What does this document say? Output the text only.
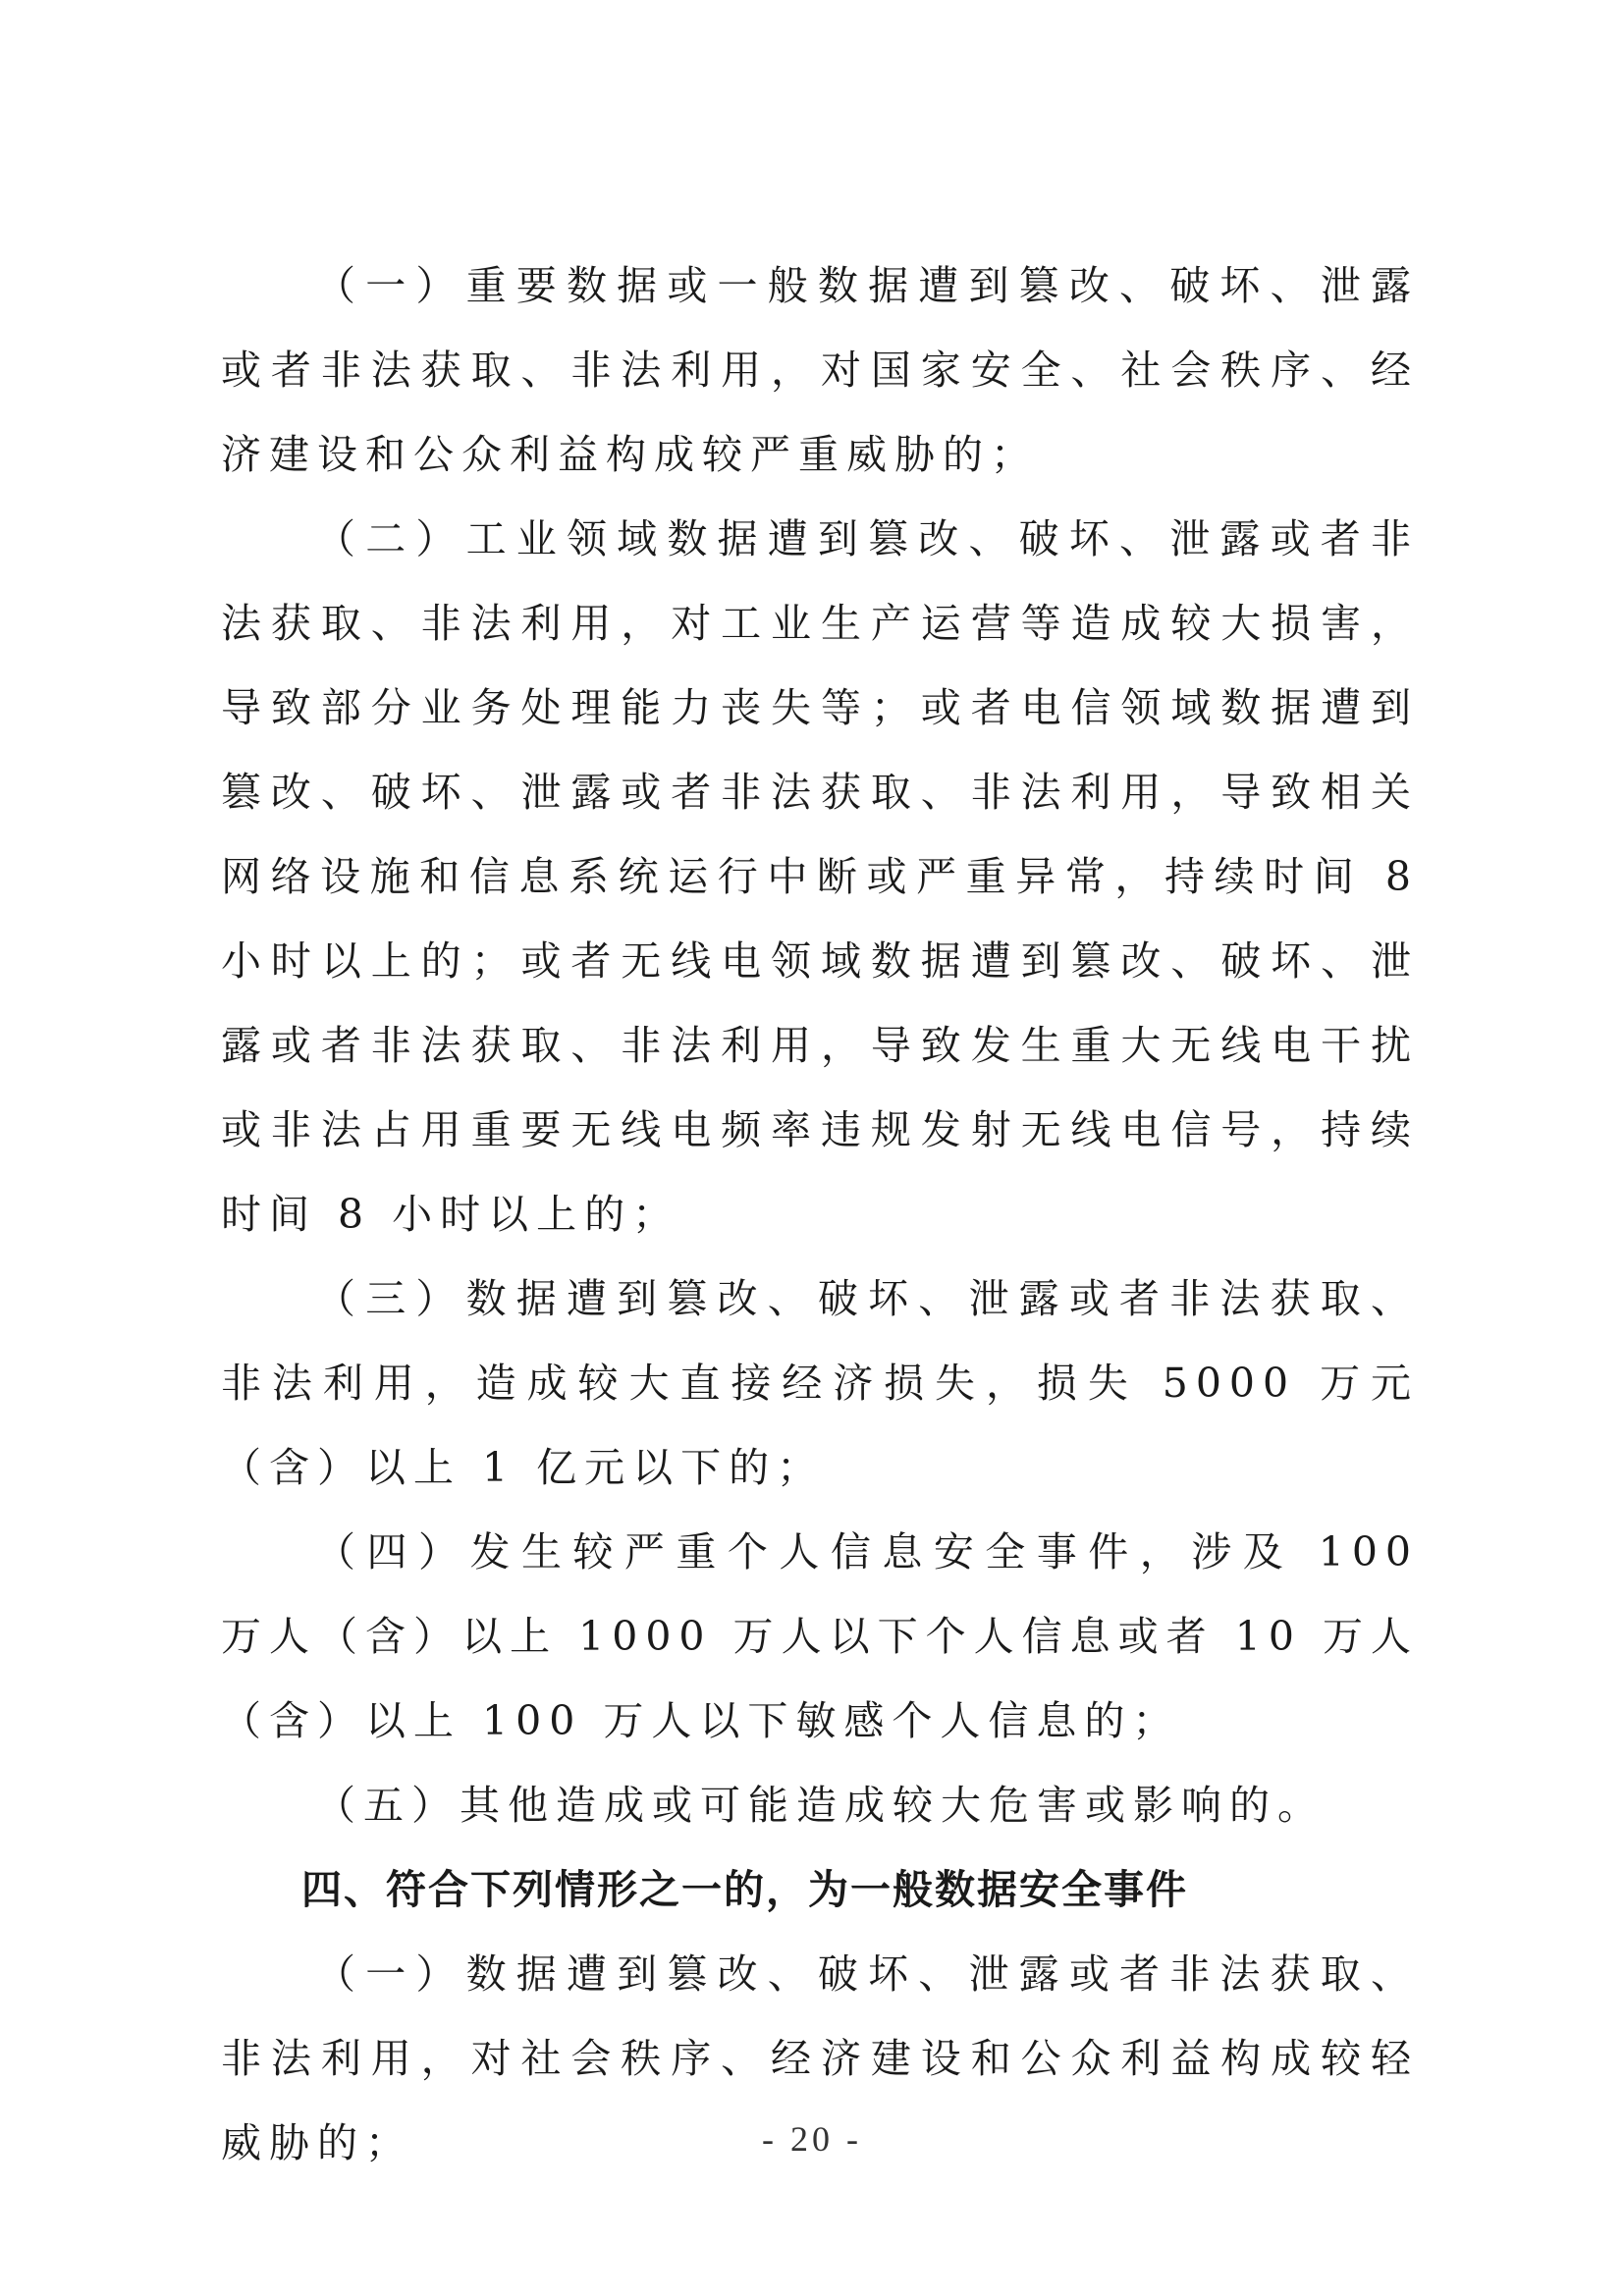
（一）重要数据或一般数据遭到篡改、破坏、泄露或者非法获取、非法利用，对国家安全、社会秩序、经济建设和公众利益构成较严重威胁的；

（二）工业领域数据遭到篡改、破坏、泄露或者非法获取、非法利用，对工业生产运营等造成较大损害，导致部分业务处理能力丧失等；或者电信领域数据遭到篡改、破坏、泄露或者非法获取、非法利用，导致相关网络设施和信息系统运行中断或严重异常，持续时间 8 小时以上的；或者无线电领域数据遭到篡改、破坏、泄露或者非法获取、非法利用，导致发生重大无线电干扰或非法占用重要无线电频率违规发射无线电信号，持续时间 8 小时以上的；

（三）数据遭到篡改、破坏、泄露或者非法获取、非法利用，造成较大直接经济损失，损失 5000 万元（含）以上 1 亿元以下的；

（四）发生较严重个人信息安全事件，涉及 100 万人（含）以上 1000 万人以下个人信息或者 10 万人（含）以上 100 万人以下敏感个人信息的；

（五）其他造成或可能造成较大危害或影响的。

四、符合下列情形之一的，为一般数据安全事件

（一）数据遭到篡改、破坏、泄露或者非法获取、非法利用，对社会秩序、经济建设和公众利益构成较轻威胁的；	- 20 -
